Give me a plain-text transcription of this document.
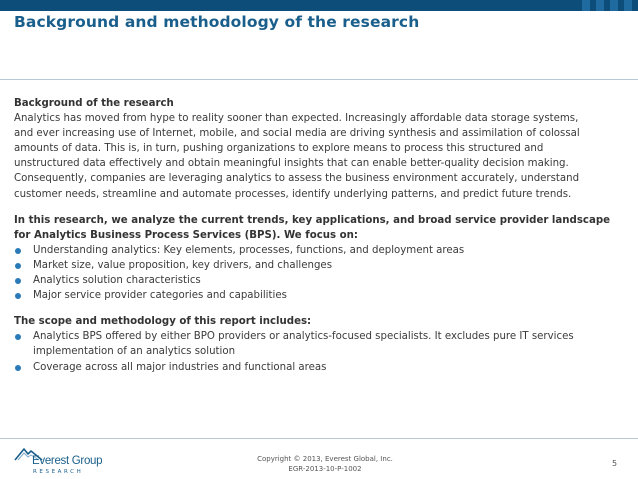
Background and methodology of the research

Background of the research

Analytics has moved from hype to reality sooner than expected. Increasingly affordable data storage systems,

and ever increasing use of Internet, mobile, and social media are driving synthesis and assimilation of colossal

amounts of data. This is, in turn, pushing organizations to explore means to process this structured and

unstructured data effectively and obtain meaningful insights that can enable better-quality decision making.

Consequently, companies are leveraging analytics to assess the business environment accurately, understand

customer needs, streamline and automate processes, identify underlying patterns, and predict future trends.

In this research, we analyze the current trends, key applications, and broad service provider landscape

for Analytics Business Process Services (BPS). We focus on:

Understanding analytics: Key elements, processes, functions, and deployment areas
Market size, value proposition, key drivers, and challenges
Analytics solution characteristics
Major service provider categories and capabilities

The scope and methodology of this report includes:

Analytics BPS offered by either BPO providers or analytics-focused specialists. It excludes pure IT services
implementation of an analytics solution
Coverage across all major industries and functional areas
Everest Group
RESEARCH
Copyright © 2013, Everest Global, Inc.
EGR-2013-10-P-1002
5
